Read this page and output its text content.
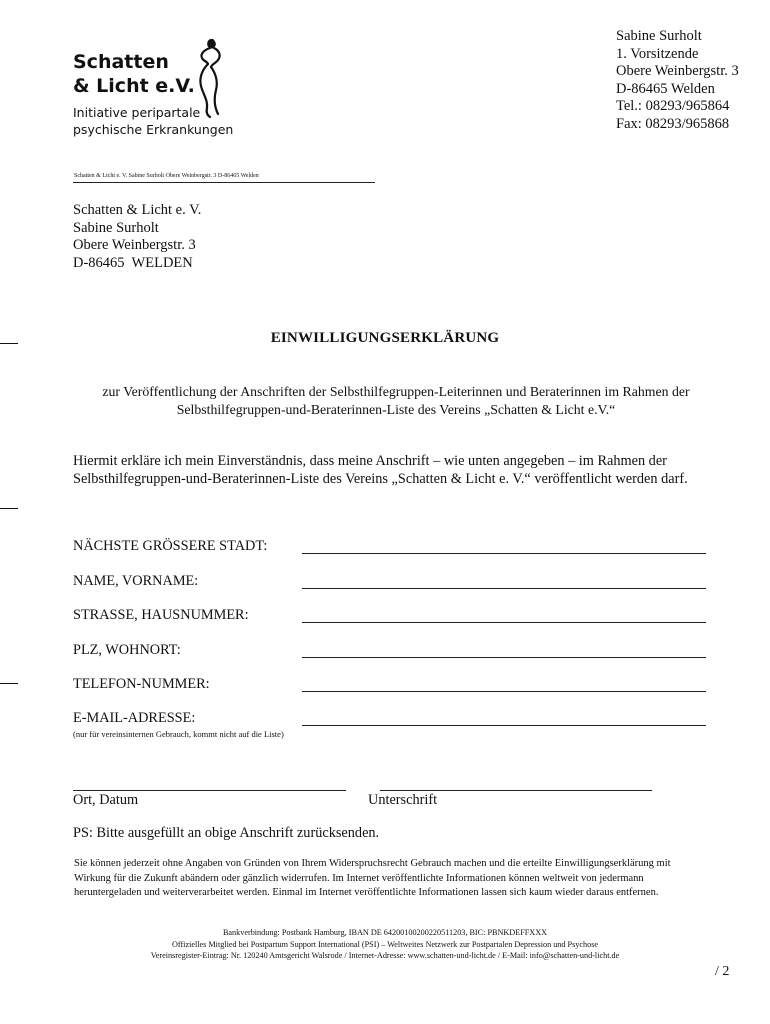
Schatten
& Licht e.V.
Initiative peripartale
psychische Erkrankungen
Sabine Surholt
1. Vorsitzende
Obere Weinbergstr. 3
D-86465 Welden
Tel.: 08293/965864
Fax: 08293/965868
Schatten & Licht e. V. Sabine Surholt Obere Weinbergstr. 3 D-86465 Welden
Schatten & Licht e. V.
Sabine Surholt
Obere Weinbergstr. 3
D-86465  WELDEN
EINWILLIGUNGSERKLÄRUNG
zur Veröffentlichung der Anschriften der Selbsthilfegruppen-Leiterinnen und Beraterinnen im Rahmen der Selbsthilfegruppen-und-Beraterinnen-Liste des Vereins „Schatten & Licht e.V.“
Hiermit erkläre ich mein Einverständnis, dass meine Anschrift – wie unten angegeben – im Rahmen der Selbsthilfegruppen-und-Beraterinnen-Liste des Vereins „Schatten & Licht e. V.“ veröffentlicht werden darf.
NÄCHSTE GRÖSSERE STADT:
NAME, VORNAME:
STRASSE, HAUSNUMMER:
PLZ, WOHNORT:
TELEFON-NUMMER:
E-MAIL-ADRESSE:
(nur für vereinsinternen Gebrauch, kommt nicht auf die Liste)
Ort, Datum	Unterschrift
PS: Bitte ausgefüllt an obige Anschrift zurücksenden.
Sie können jederzeit ohne Angaben von Gründen von Ihrem Widerspruchsrecht Gebrauch machen und die erteilte Einwilligungserklärung mit Wirkung für die Zukunft abändern oder gänzlich widerrufen. Im Internet veröffentlichte Informationen können weltweit von jedermann heruntergeladen und weiterverarbeitet werden. Einmal im Internet veröffentlichte Informationen lassen sich kaum wieder daraus entfernen.
Bankverbindung: Postbank Hamburg, IBAN DE 64200100200220511203, BIC: PBNKDEFFXXX
Offizielles Mitglied bei Postpartum Support International (PSI) – Weltweites Netzwerk zur Postpartalen Depression und Psychose
Vereinsregister-Eintrag: Nr. 120240 Amtsgericht Walsrode / Internet-Adresse: www.schatten-und-licht.de / E-Mail: info@schatten-und-licht.de
/ 2
